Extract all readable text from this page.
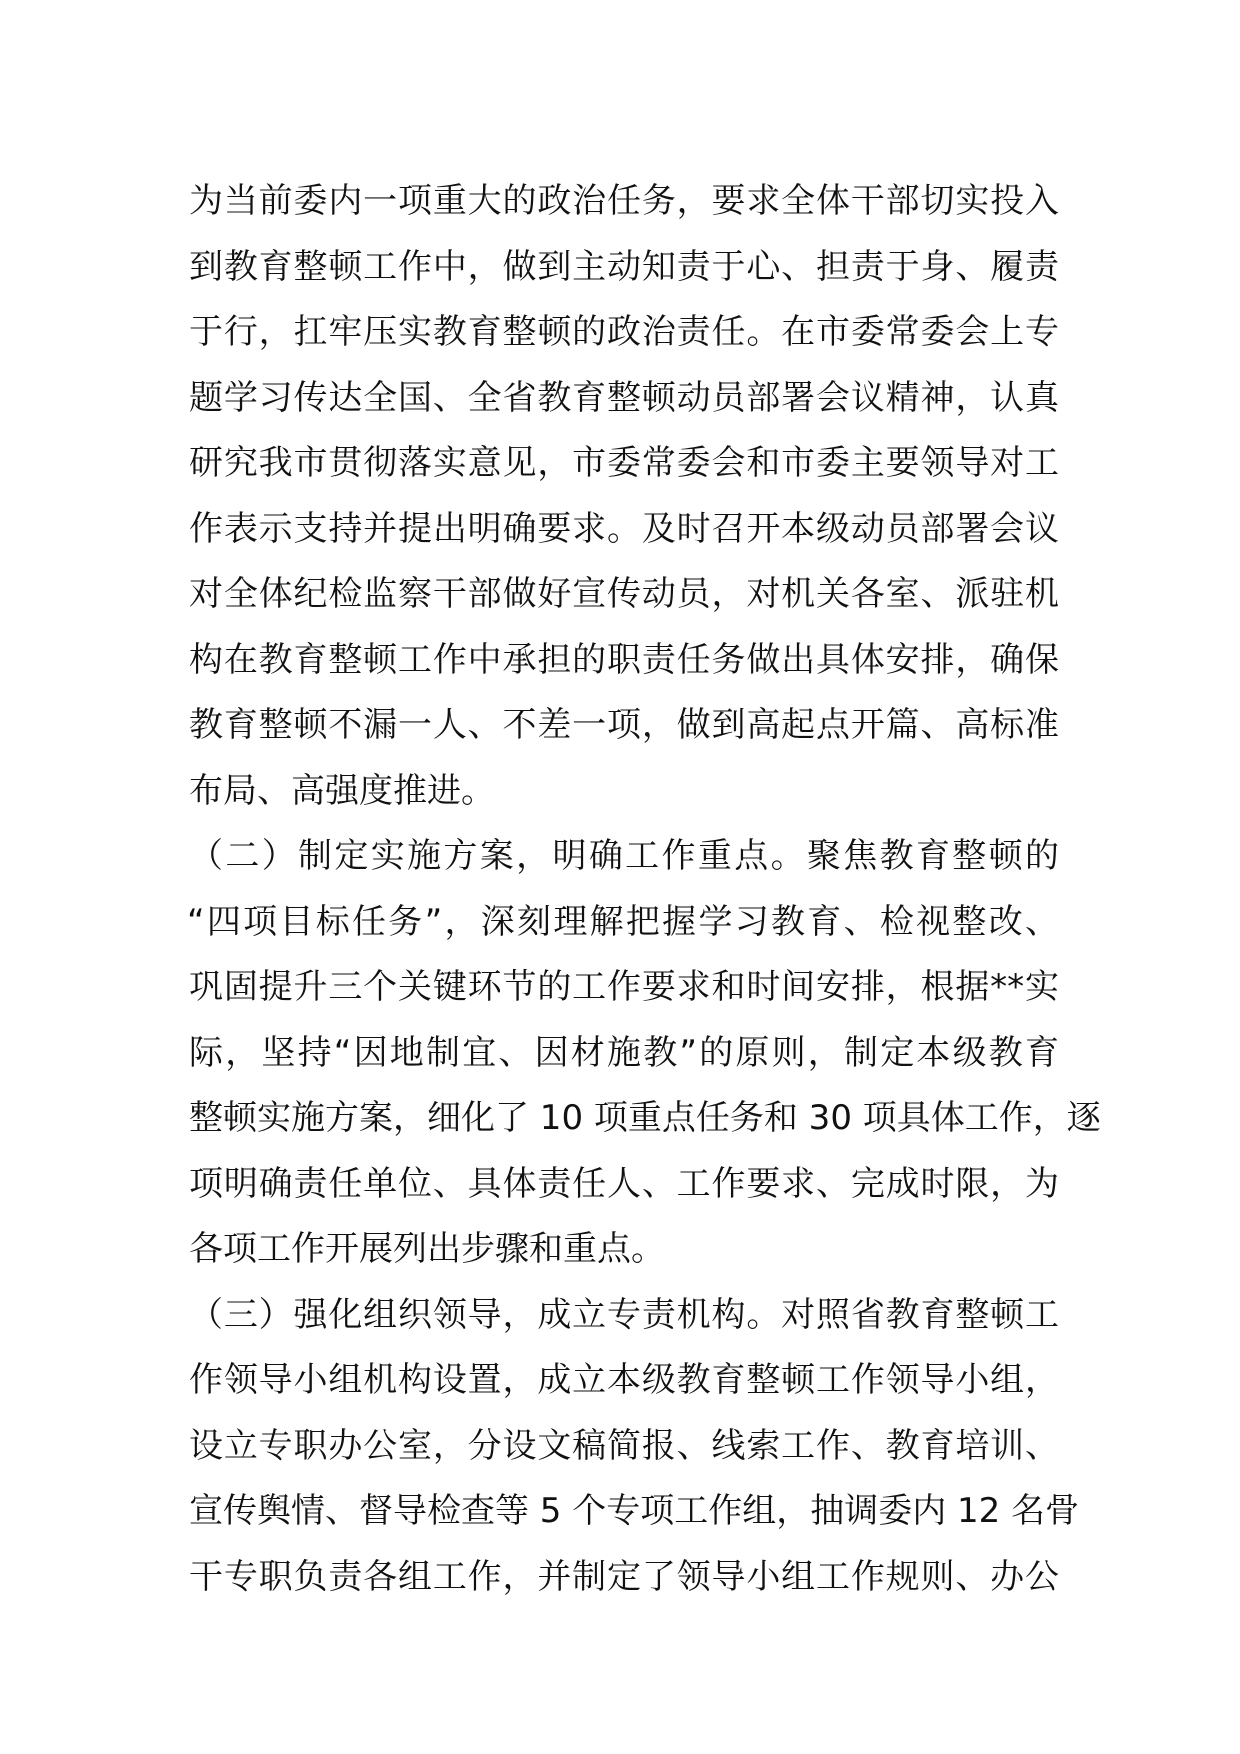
为当前委内一项重大的政治任务，要求全体干部切实投入
到教育整顿工作中，做到主动知责于心、担责于身、履责
于行，扛牢压实教育整顿的政治责任。在市委常委会上专
题学习传达全国、全省教育整顿动员部署会议精神，认真
研究我市贯彻落实意见，市委常委会和市委主要领导对工
作表示支持并提出明确要求。及时召开本级动员部署会议
对全体纪检监察干部做好宣传动员，对机关各室、派驻机
构在教育整顿工作中承担的职责任务做出具体安排，确保
教育整顿不漏一人、不差一项，做到高起点开篇、高标准
布局、高强度推进。
（二）制定实施方案，明确工作重点。聚焦教育整顿的
“四项目标任务”，深刻理解把握学习教育、检视整改、
巩固提升三个关键环节的工作要求和时间安排，根据**实
际，坚持“因地制宜、因材施教”的原则，制定本级教育
整顿实施方案，细化了 10 项重点任务和 30 项具体工作，逐
项明确责任单位、具体责任人、工作要求、完成时限，为
各项工作开展列出步骤和重点。
（三）强化组织领导，成立专责机构。对照省教育整顿工
作领导小组机构设置，成立本级教育整顿工作领导小组，
设立专职办公室，分设文稿简报、线索工作、教育培训、
宣传舆情、督导检查等 5 个专项工作组，抽调委内 12 名骨
干专职负责各组工作，并制定了领导小组工作规则、办公
